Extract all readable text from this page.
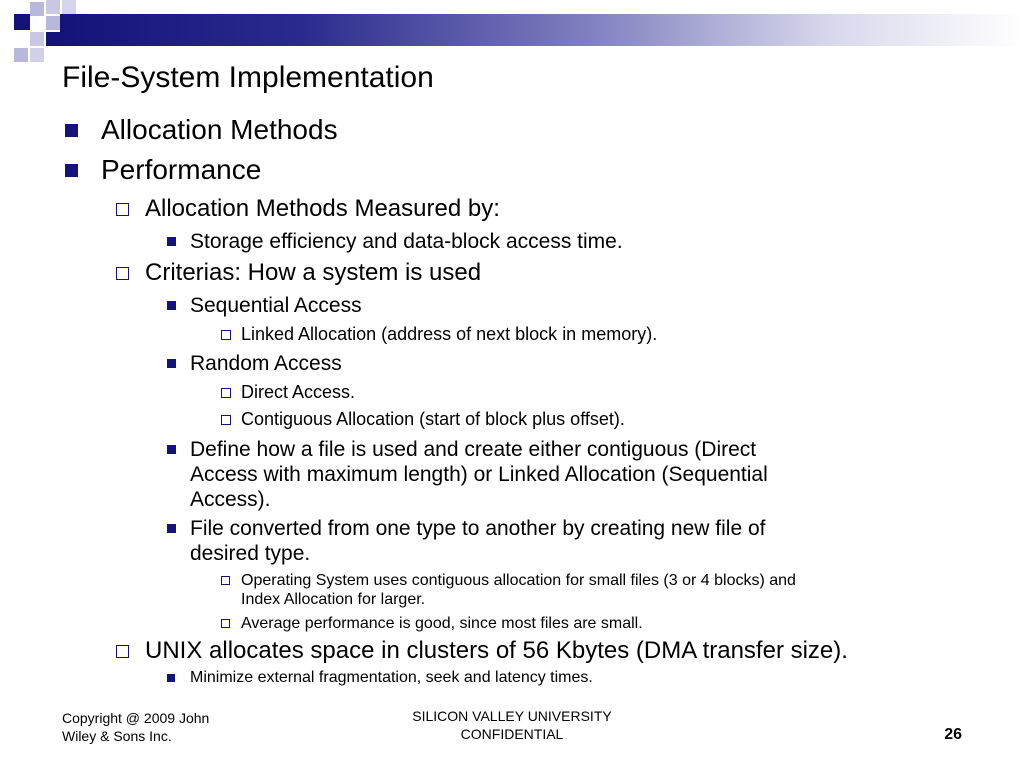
File-System Implementation
Allocation Methods
Performance
Allocation Methods Measured by:
Storage efficiency and data-block access time.
Criterias: How a system is used
Sequential Access
Linked Allocation (address of next block in memory).
Random Access
Direct Access.
Contiguous Allocation (start of block plus offset).
Define how a file is used and create either contiguous (Direct
Access with maximum length) or Linked Allocation (Sequential
Access).
File converted from one type to another by creating new file of
desired type.
Operating System uses contiguous allocation for small files (3 or 4 blocks) and
Index Allocation for larger.
Average performance is good, since most files are small.
UNIX allocates space in clusters of 56 Kbytes (DMA transfer size).
Minimize external fragmentation, seek and latency times.
Copyright @ 2009 John
Wiley & Sons Inc.
SILICON VALLEY UNIVERSITY
CONFIDENTIAL	26
